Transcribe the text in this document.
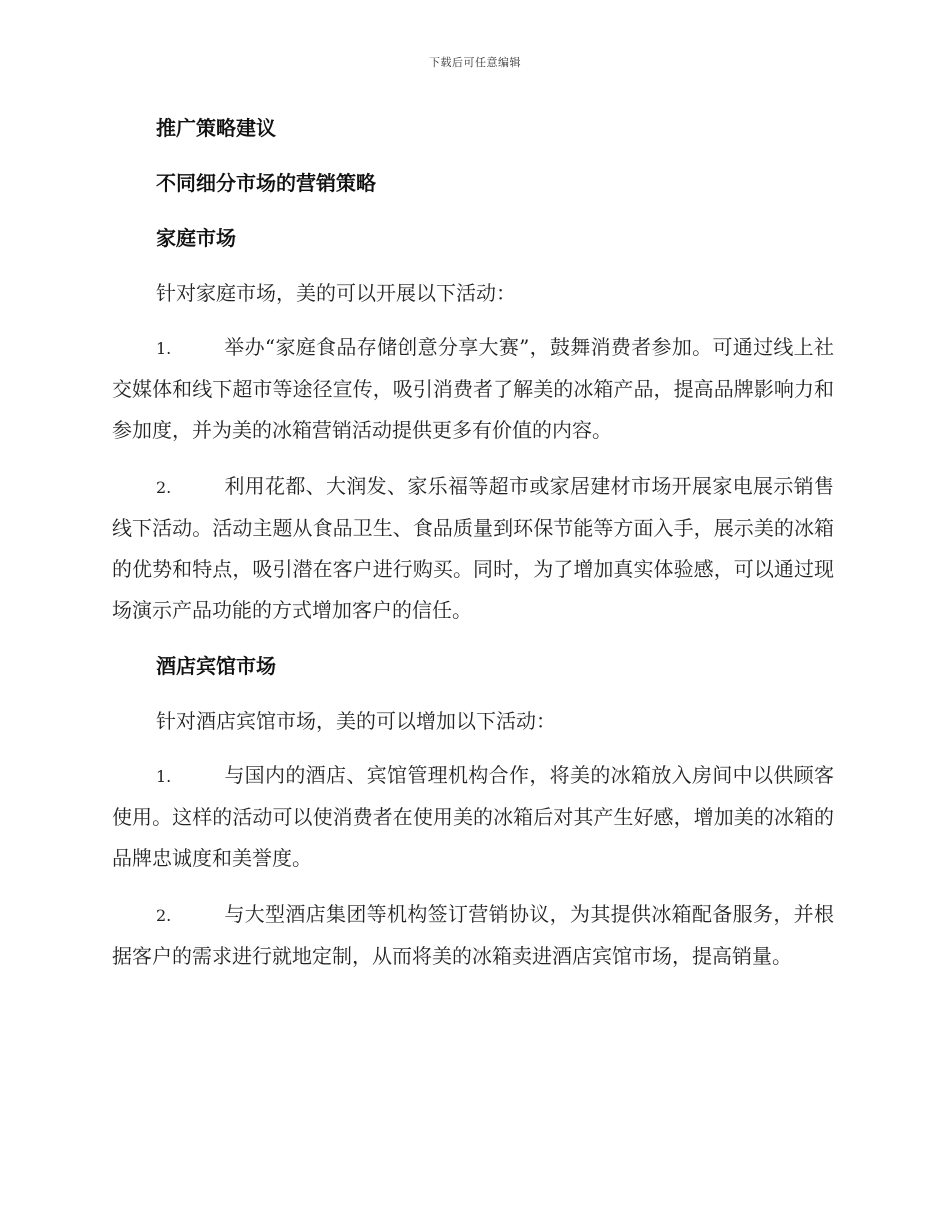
下载后可任意编辑
推广策略建议
不同细分市场的营销策略
家庭市场

针对家庭市场，美的可以开展以下活动：

1.	举办“家庭食品存储创意分享大赛”，鼓舞消费者参加。可通过线上社交媒体和线下超市等途径宣传，吸引消费者了解美的冰箱产品，提高品牌影响力和参加度，并为美的冰箱营销活动提供更多有价值的内容。

2.	利用花都、大润发、家乐福等超市或家居建材市场开展家电展示销售线下活动。活动主题从食品卫生、食品质量到环保节能等方面入手，展示美的冰箱的优势和特点，吸引潜在客户进行购买。同时，为了增加真实体验感，可以通过现场演示产品功能的方式增加客户的信任。

酒店宾馆市场

针对酒店宾馆市场，美的可以增加以下活动：

1.	与国内的酒店、宾馆管理机构合作，将美的冰箱放入房间中以供顾客使用。这样的活动可以使消费者在使用美的冰箱后对其产生好感，增加美的冰箱的品牌忠诚度和美誉度。

2.	与大型酒店集团等机构签订营销协议，为其提供冰箱配备服务，并根据客户的需求进行就地定制，从而将美的冰箱卖进酒店宾馆市场，提高销量。
